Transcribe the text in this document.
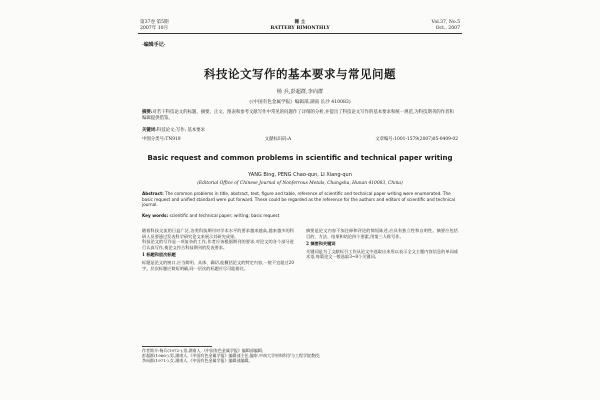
第37卷 第5期
2007年 10月
稀 土
BATTERY BIMONTHLY
Vol.37, No.5
Oct., 2007
·编辑手记·
科技论文写作的基本要求与常见问题
杨 兵,彭超群,李向群
(《中国有色金属学报》编辑部,湖南 长沙 410083)
摘要:对若干科技论文的标题、摘要、正文、图表和参考文献写作中常见的问题作了详细的分析,并提出了科技论文写作的基本要求和统一规范,为科技期刊的作者和编辑提供借鉴。
关键词:科技论文;写作; 基本要求
中图分类号:TN919	文献标识码:A	文章编号:1001-1579(2007)05-0409-02
Basic request and common problems in scientific and technical paper writing
YANG Bing, PENG Chao-qun, LI Xiang-qun
(Editorial Office of Chinese Journal of Nonferrous Metals, Changsha, Hunan 410083, China)
Abstract: The common problems in title, abstract, text, figure and table, reference of scientific and technical paper writing were enumerated. The basic request and unified standard were put forward. These could be regarded as the reference for the authors and editors of scientific and technical journal.
Key words: scientific and technical paper; writing; basic request
随着科技交流的日益广泛,各类科技期刊对学术水平的要求越来越高,越来越多的科研人员要通过发表科学研究论文来展示其研究成果。
科技论文的写作是一项复杂的工作,作者应该根据期刊的要求,对论文的各个部分进行认真写作,使论文符合科技期刊的发表要求。
1 标题和层次标题
标题是论文的窗口,应当简明、具体、确切,能概括论文的特定内容,一般不宜超过20字。层次标题应简短明确,同一层次的标题应尽可能排比。
摘要是论文内容不加注释和评论的简短陈述,应具有独立性和自明性。摘要应包括目的、方法、结果和结论四个要素,用第三人称写作。
2 摘要和关键词
关键词是为了文献标引工作从论文中选取出来用以表示全文主题内容信息的单词或术语,每篇论文一般选取3~8个关键词。
作者简介:杨兵(1972-),男,湖南人,《中国有色金属学报》编辑部编辑;
彭超群(1966-),男,湖南人,《中国有色金属学报》编辑部主任,编审,中南大学材料科学与工程学院教授;
李向群(1971-),女,湖南人,《中国有色金属学报》编辑部编辑。
